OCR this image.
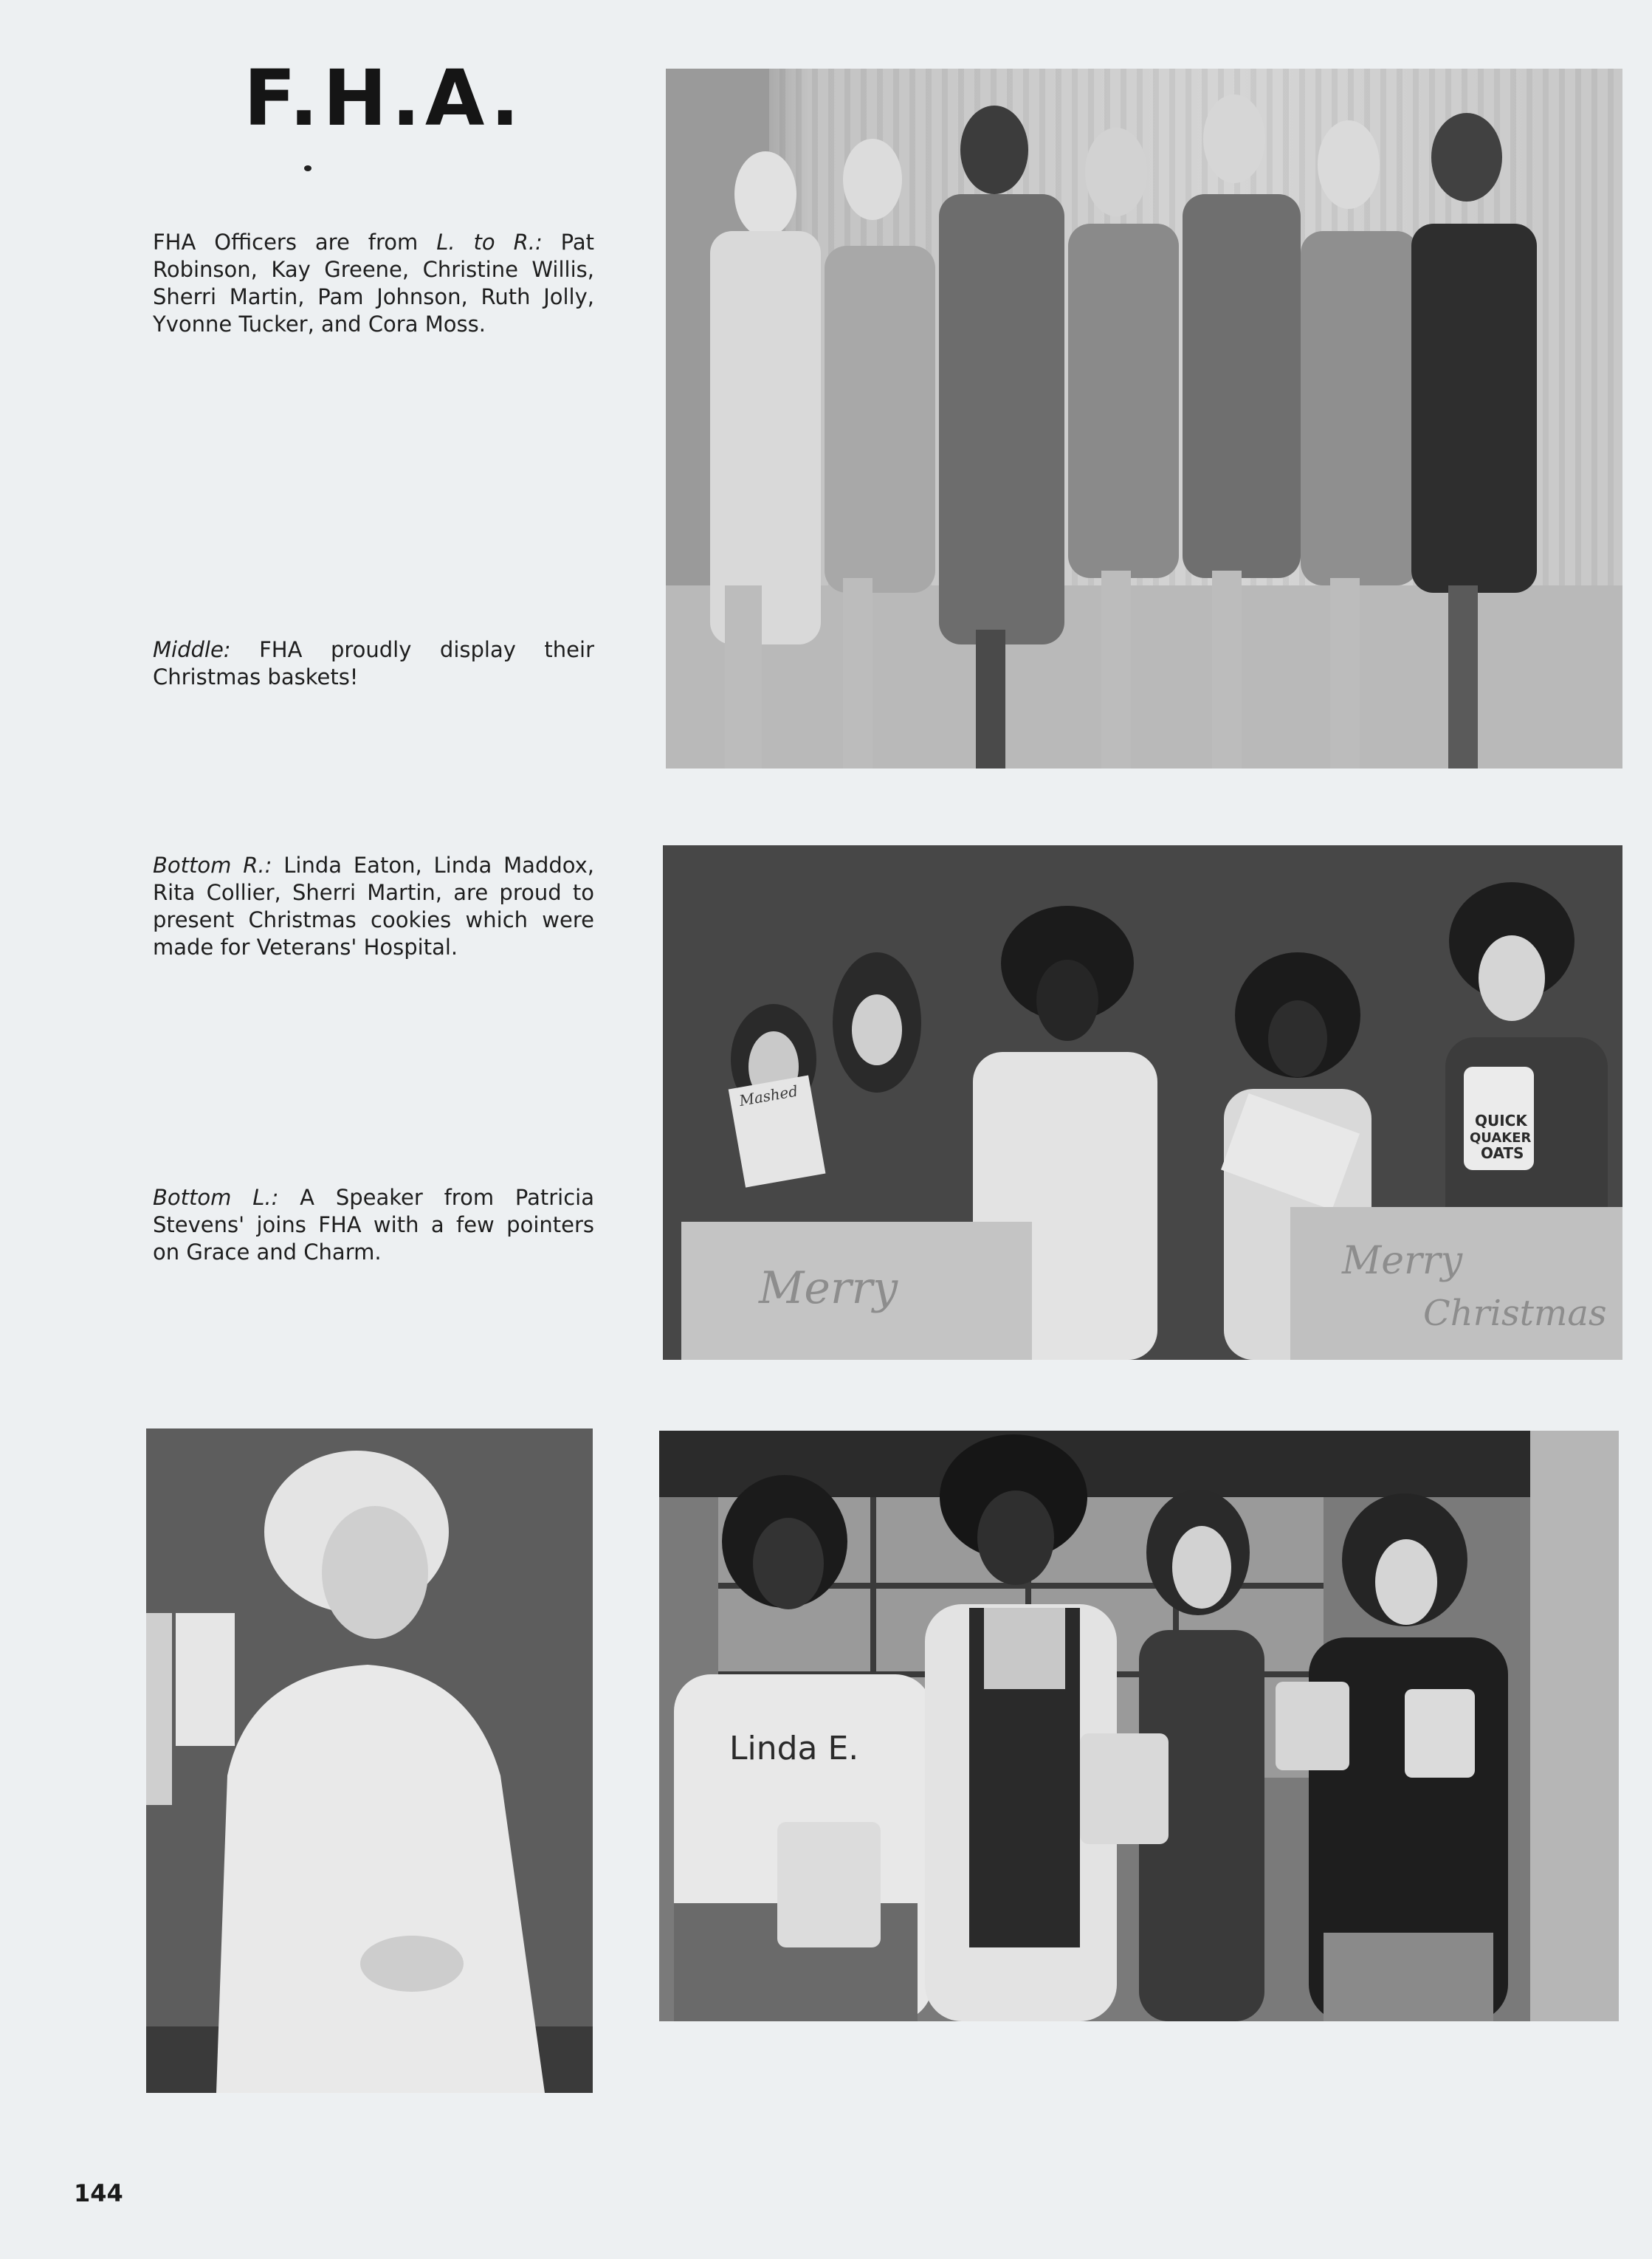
F.H.A.
FHA Officers are from L. to R.: Pat Robinson, Kay Greene, Christine Willis, Sherri Martin, Pam Johnson, Ruth Jolly, Yvonne Tucker, and Cora Moss.
Middle: FHA proudly display their Christmas baskets!
Bottom R.: Linda Eaton, Linda Maddox, Rita Collier, Sherri Martin, are proud to present Christmas cookies which were made for Veterans' Hospital.
Bottom L.: A Speaker from Patricia Stevens' joins FHA with a few pointers on Grace and Charm.
Merry
Merry
Christmas
Mashed
QUICK
QUAKER
OATS
Linda E.
144
